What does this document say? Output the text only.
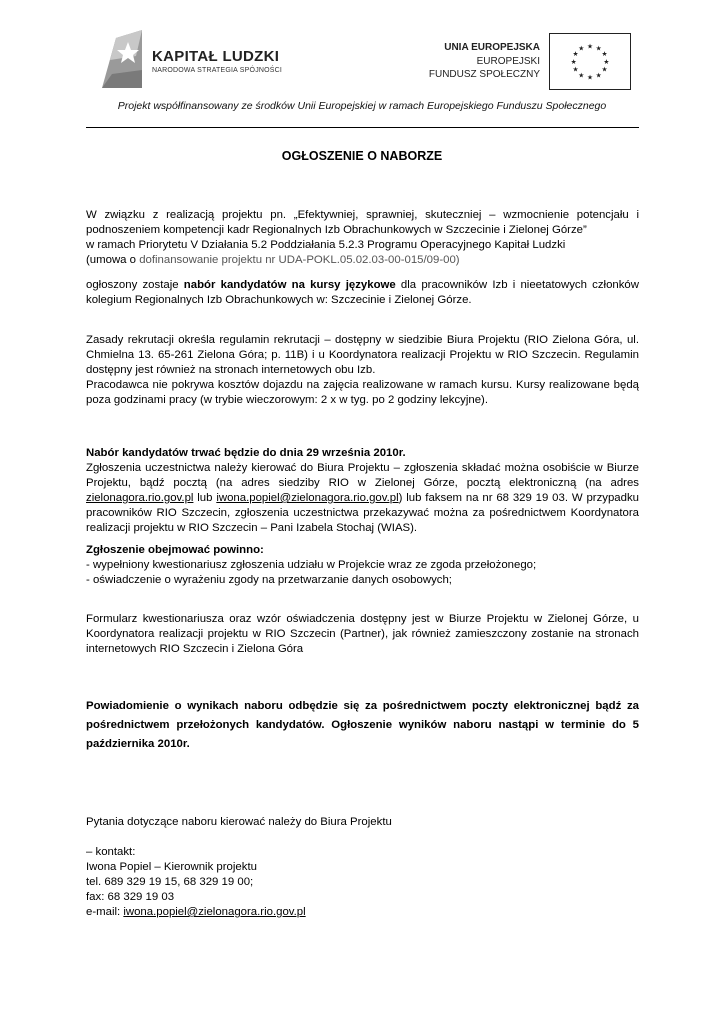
KAPITAŁ LUDZKI
NARODOWA STRATEGIA SPÓJNOŚCI
UNIA EUROPEJSKA
EUROPEJSKI
FUNDUSZ SPOŁECZNY
★ ★
★
★
★
★
★
★
★
★
★
★
Projekt współfinansowany ze środków Unii Europejskiej w ramach Europejskiego Funduszu Społecznego
OGŁOSZENIE O NABORZE

W związku z realizacją projektu pn. „Efektywniej, sprawniej, skuteczniej – wzmocnienie potencjału i podnoszeniem kompetencji kadr Regionalnych Izb Obrachunkowych w Szczecinie i Zielonej Górze”

w ramach Priorytetu V Działania 5.2 Poddziałania 5.2.3 Programu Operacyjnego Kapitał Ludzki

(umowa o dofinansowanie projektu nr UDA-POKL.05.02.03-00-015/09-00)

ogłoszony zostaje nabór kandydatów na kursy językowe dla pracowników Izb i nieetatowych członków kolegium Regionalnych Izb Obrachunkowych w: Szczecinie i Zielonej Górze.

Zasady rekrutacji określa regulamin rekrutacji – dostępny w siedzibie Biura Projektu (RIO Zielona Góra, ul. Chmielna 13. 65-261 Zielona Góra; p. 11B) i u Koordynatora realizacji Projektu w RIO Szczecin. Regulamin dostępny jest również na stronach internetowych obu Izb.

Pracodawca nie pokrywa kosztów dojazdu na zajęcia realizowane w ramach kursu. Kursy realizowane będą poza godzinami pracy (w trybie wieczorowym: 2 x w tyg. po 2 godziny lekcyjne).

Nabór kandydatów trwać będzie do dnia 29 września 2010r.

Zgłoszenia uczestnictwa należy kierować do Biura Projektu – zgłoszenia składać można osobiście w Biurze Projektu, bądź pocztą (na adres siedziby RIO w Zielonej Górze, pocztą elektroniczną (na adres zielonagora.rio.gov.pl lub iwona.popiel@zielonagora.rio.gov.pl) lub faksem na nr 68 329 19 03. W przypadku pracowników RIO Szczecin, zgłoszenia uczestnictwa przekazywać można za pośrednictwem Koordynatora realizacji projektu w RIO Szczecin – Pani Izabela Stochaj (WIAS).

Zgłoszenie obejmować powinno:

- wypełniony kwestionariusz zgłoszenia udziału w Projekcie wraz ze zgoda przełożonego;

- oświadczenie o wyrażeniu zgody na przetwarzanie danych osobowych;

Formularz kwestionariusza oraz wzór oświadczenia dostępny jest w Biurze Projektu w Zielonej Górze, u Koordynatora realizacji projektu w RIO Szczecin (Partner), jak również zamieszczony zostanie na stronach internetowych RIO Szczecin i Zielona Góra
Powiadomienie o wynikach naboru odbędzie się za pośrednictwem poczty elektronicznej bądź za pośrednictwem przełożonych kandydatów. Ogłoszenie wyników naboru nastąpi w terminie do 5 października 2010r.
Pytania dotyczące naboru kierować należy do Biura Projektu

– kontakt:

Iwona Popiel – Kierownik projektu

tel. 689 329 19 15, 68 329 19 00;

fax: 68 329 19 03

e-mail: iwona.popiel@zielonagora.rio.gov.pl
